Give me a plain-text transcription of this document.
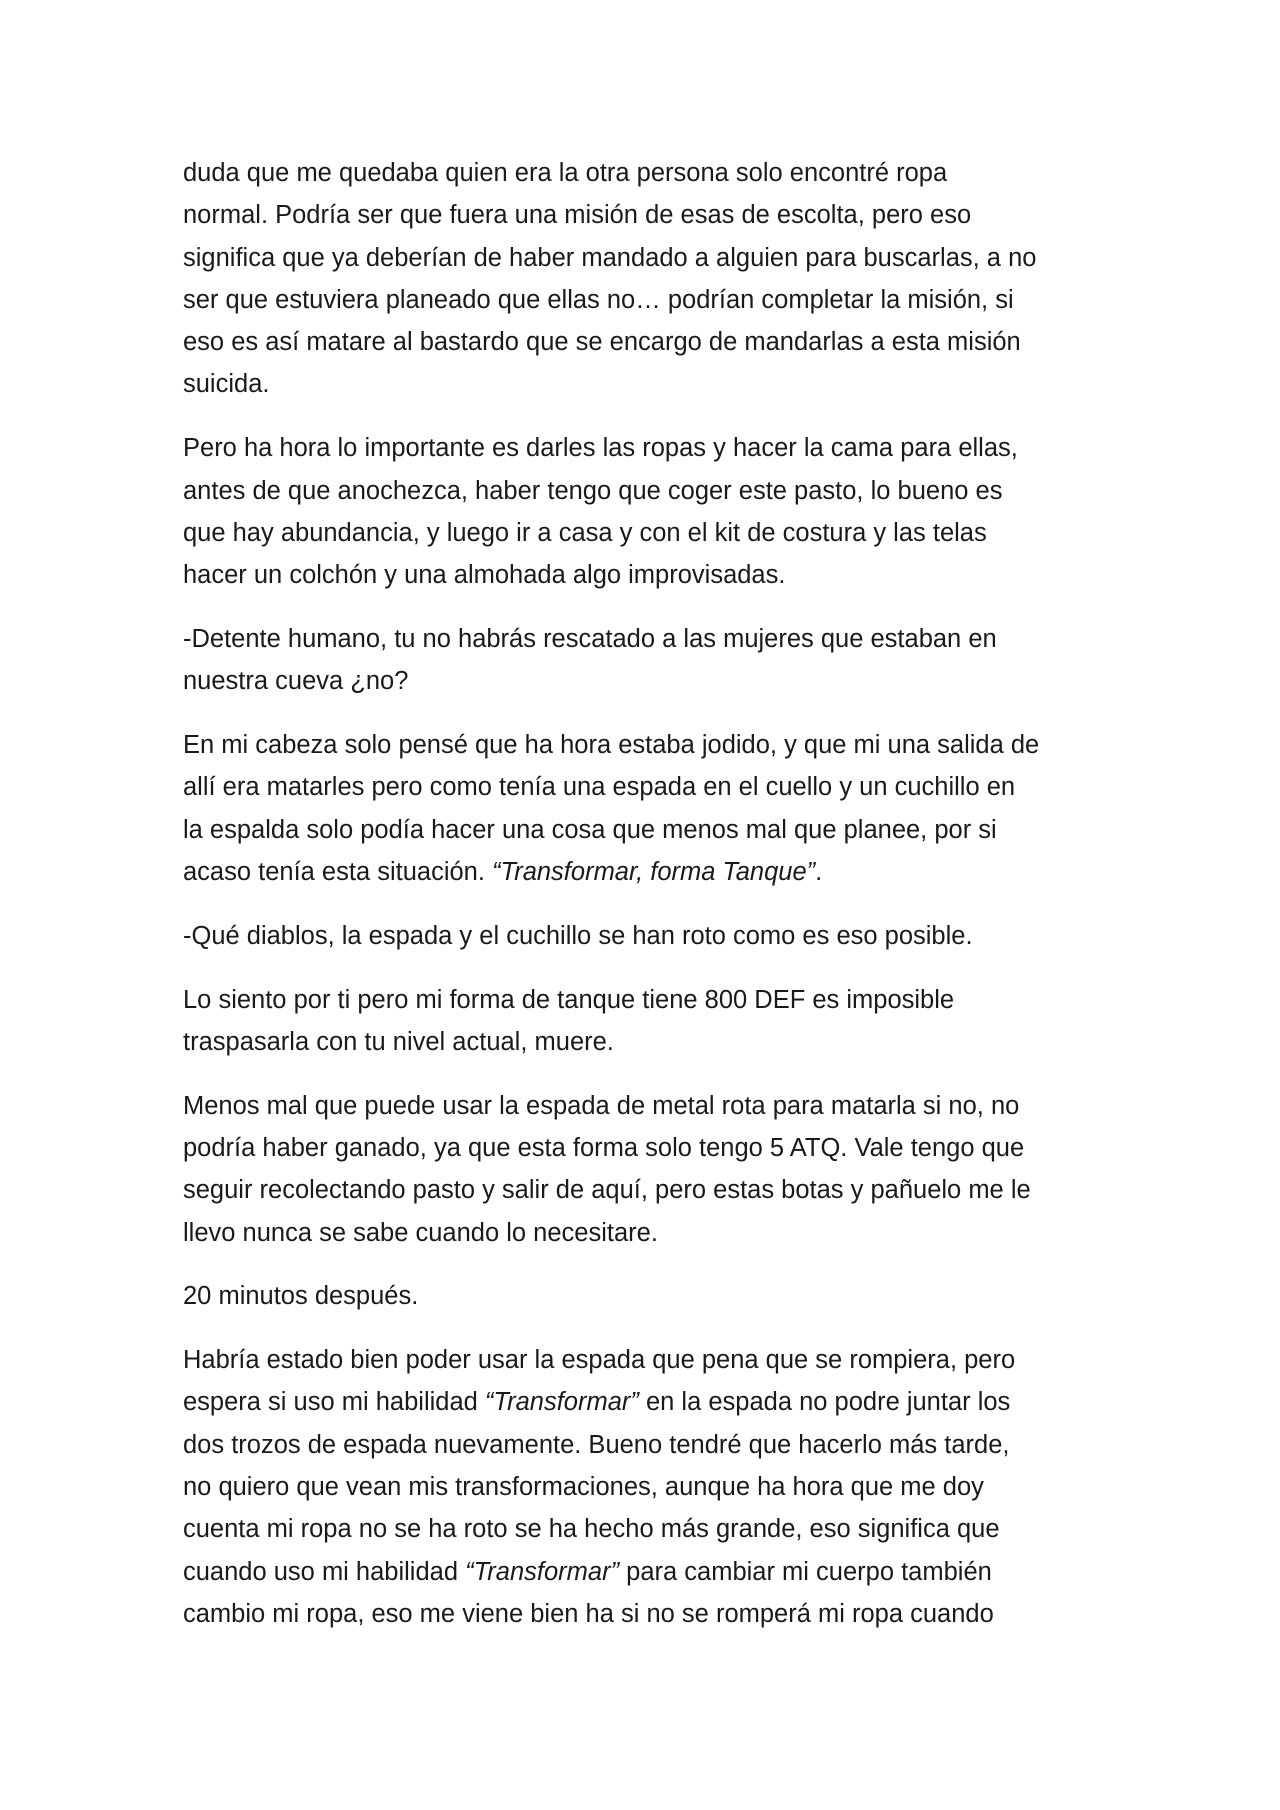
duda que me quedaba quien era la otra persona solo encontré ropa
normal. Podría ser que fuera una misión de esas de escolta, pero eso
significa que ya deberían de haber mandado a alguien para buscarlas, a no
ser que estuviera planeado que ellas no… podrían completar la misión, si
eso es así matare al bastardo que se encargo de mandarlas a esta misión
suicida.

Pero ha hora lo importante es darles las ropas y hacer la cama para ellas,
antes de que anochezca, haber tengo que coger este pasto, lo bueno es
que hay abundancia, y luego ir a casa y con el kit de costura y las telas
hacer un colchón y una almohada algo improvisadas.

-Detente humano, tu no habrás rescatado a las mujeres que estaban en
nuestra cueva ¿no?

En mi cabeza solo pensé que ha hora estaba jodido, y que mi una salida de
allí era matarles pero como tenía una espada en el cuello y un cuchillo en
la espalda solo podía hacer una cosa que menos mal que planee, por si
acaso tenía esta situación. “Transformar, forma Tanque”.

-Qué diablos, la espada y el cuchillo se han roto como es eso posible.

Lo siento por ti pero mi forma de tanque tiene 800 DEF es imposible
traspasarla con tu nivel actual, muere.

Menos mal que puede usar la espada de metal rota para matarla si no, no
podría haber ganado, ya que esta forma solo tengo 5 ATQ. Vale tengo que
seguir recolectando pasto y salir de aquí, pero estas botas y pañuelo me le
llevo nunca se sabe cuando lo necesitare.

20 minutos después.

Habría estado bien poder usar la espada que pena que se rompiera, pero
espera si uso mi habilidad “Transformar” en la espada no podre juntar los
dos trozos de espada nuevamente. Bueno tendré que hacerlo más tarde,
no quiero que vean mis transformaciones, aunque ha hora que me doy
cuenta mi ropa no se ha roto se ha hecho más grande, eso significa que
cuando uso mi habilidad “Transformar” para cambiar mi cuerpo también
cambio mi ropa, eso me viene bien ha si no se romperá mi ropa cuando
